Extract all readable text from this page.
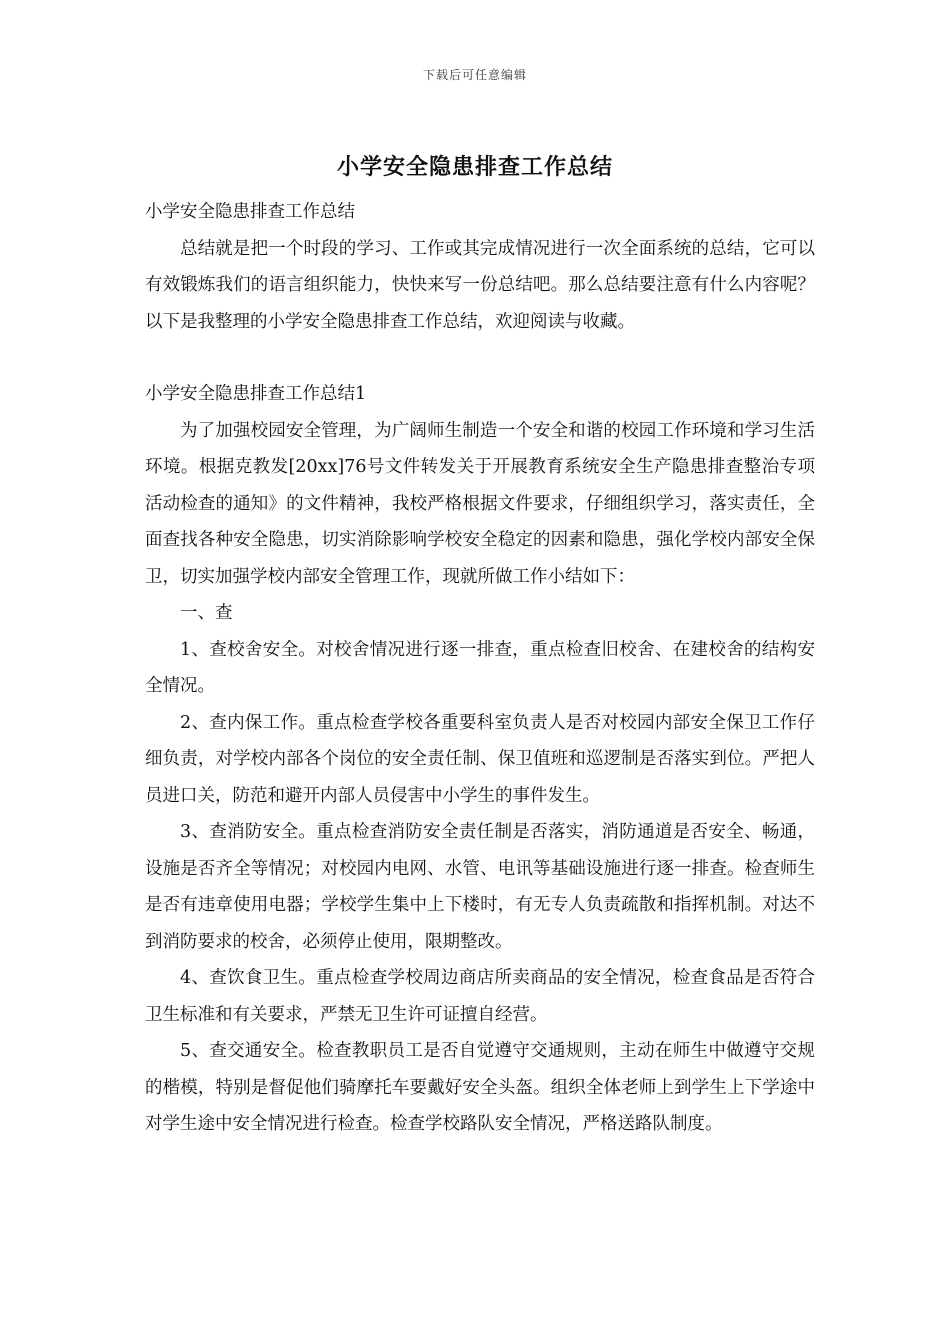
下载后可任意编辑
小学安全隐患排查工作总结

小学安全隐患排查工作总结

总结就是把一个时段的学习、工作或其完成情况进行一次全面系统的总结，它可以有效锻炼我们的语言组织能力，快快来写一份总结吧。那么总结要注意有什么内容呢？以下是我整理的小学安全隐患排查工作总结，欢迎阅读与收藏。

小学安全隐患排查工作总结1

为了加强校园安全管理，为广阔师生制造一个安全和谐的校园工作环境和学习生活环境。根据克教发[20xx]76号文件转发关于开展教育系统安全生产隐患排查整治专项活动检查的通知》的文件精神，我校严格根据文件要求，仔细组织学习，落实责任，全面查找各种安全隐患，切实消除影响学校安全稳定的因素和隐患，强化学校内部安全保卫，切实加强学校内部安全管理工作，现就所做工作小结如下：

一、查

1、查校舍安全。对校舍情况进行逐一排查，重点检查旧校舍、在建校舍的结构安全情况。

2、查内保工作。重点检查学校各重要科室负责人是否对校园内部安全保卫工作仔细负责，对学校内部各个岗位的安全责任制、保卫值班和巡逻制是否落实到位。严把人员进口关，防范和避开内部人员侵害中小学生的事件发生。

3、查消防安全。重点检查消防安全责任制是否落实，消防通道是否安全、畅通，设施是否齐全等情况；对校园内电网、水管、电讯等基础设施进行逐一排查。检查师生是否有违章使用电器；学校学生集中上下楼时，有无专人负责疏散和指挥机制。对达不到消防要求的校舍，必须停止使用，限期整改。

4、查饮食卫生。重点检查学校周边商店所卖商品的安全情况，检查食品是否符合卫生标准和有关要求，严禁无卫生许可证擅自经营。

5、查交通安全。检查教职员工是否自觉遵守交通规则，主动在师生中做遵守交规的楷模，特别是督促他们骑摩托车要戴好安全头盔。组织全体老师上到学生上下学途中对学生途中安全情况进行检查。检查学校路队安全情况，严格送路队制度。
